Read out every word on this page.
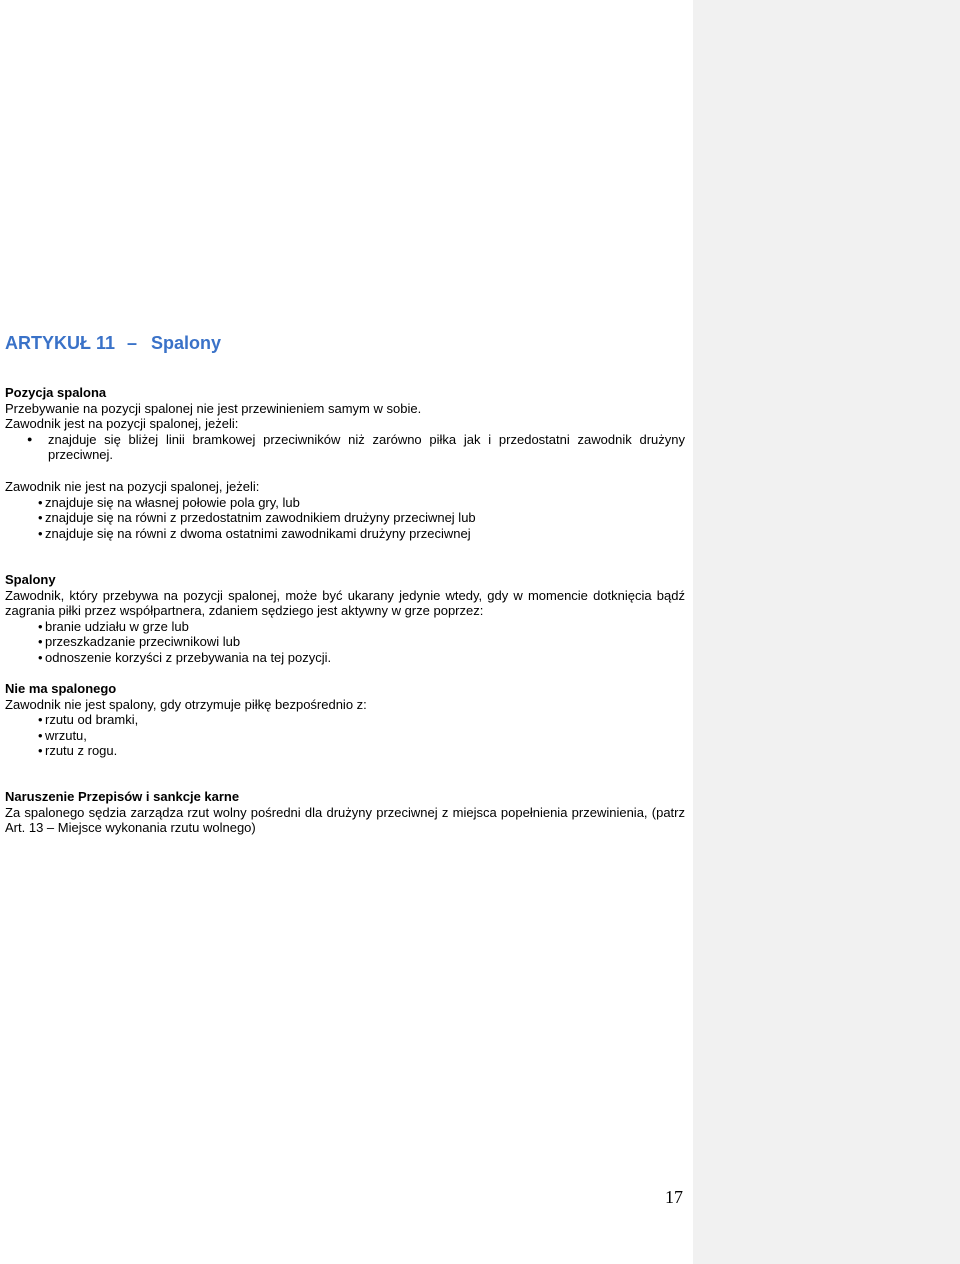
ARTYKUŁ 11 – Spalony

Pozycja spalona

Przebywanie na pozycji spalonej nie jest przewinieniem samym w sobie.

Zawodnik jest na pozycji spalonej, jeżeli:

● znajduje się bliżej linii bramkowej przeciwników niż zarówno piłka jak i przedostatni zawodnik drużyny przeciwnej.

Zawodnik nie jest na pozycji spalonej, jeżeli:

• znajduje się na własnej połowie pola gry, lub
• znajduje się na równi z przedostatnim zawodnikiem drużyny przeciwnej lub
• znajduje się na równi z dwoma ostatnimi zawodnikami drużyny przeciwnej

Spalony

Zawodnik, który przebywa na pozycji spalonej, może być ukarany jedynie wtedy, gdy w momencie dotknięcia bądź zagrania piłki przez współpartnera, zdaniem sędziego jest aktywny w grze poprzez:

• branie udziału w grze lub
• przeszkadzanie przeciwnikowi lub
• odnoszenie korzyści z przebywania na tej pozycji.

Nie ma spalonego

Zawodnik nie jest spalony, gdy otrzymuje piłkę bezpośrednio z:

• rzutu od bramki,
• wrzutu,
• rzutu z rogu.

Naruszenie Przepisów i sankcje karne

Za spalonego sędzia zarządza rzut wolny pośredni dla drużyny przeciwnej z miejsca popełnienia przewinienia, (patrz Art. 13 – Miejsce wykonania rzutu wolnego)

17
